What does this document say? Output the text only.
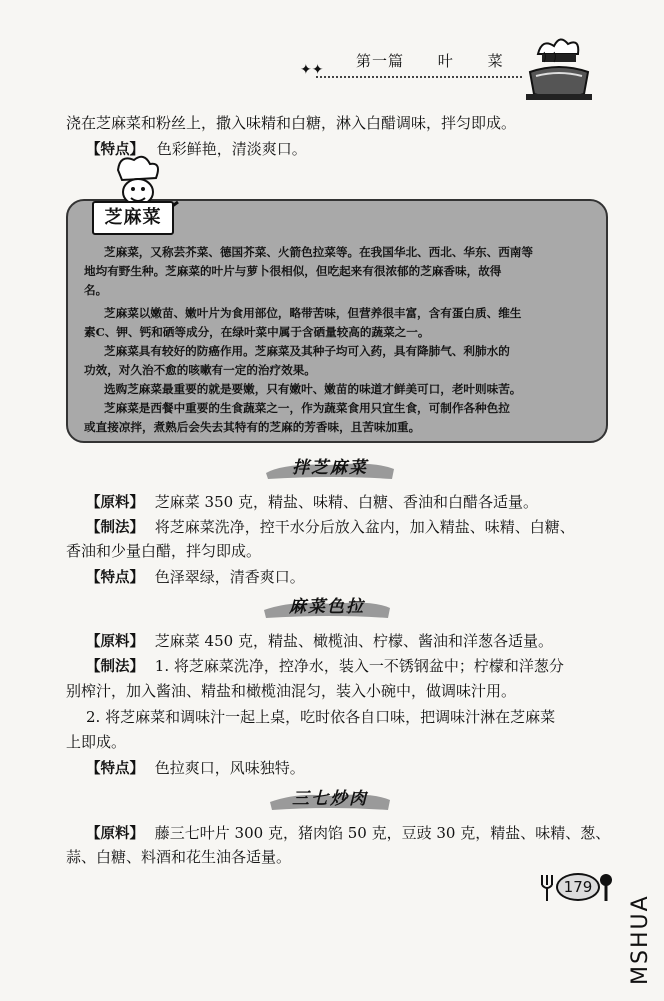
✦✦ 第一篇 叶 菜
浇在芝麻菜和粉丝上，撒入味精和白糖，淋入白醋调味，拌匀即成。
【特点】 色彩鲜艳，清淡爽口。
芝麻菜
芝麻菜，又称芸芥菜、德国芥菜、火箭色拉菜等。在我国华北、西北、华东、西南等
地均有野生种。芝麻菜的叶片与萝卜很相似，但吃起来有很浓郁的芝麻香味，故得
名。
芝麻菜以嫩苗、嫩叶片为食用部位，略带苦味，但营养很丰富，含有蛋白质、维生
素C、钾、钙和硒等成分，在绿叶菜中属于含硒量较高的蔬菜之一。
芝麻菜具有较好的防癌作用。芝麻菜及其种子均可入药，具有降肺气、利肺水的
功效，对久治不愈的咳嗽有一定的治疗效果。
选购芝麻菜最重要的就是要嫩，只有嫩叶、嫩苗的味道才鲜美可口，老叶则味苦。
芝麻菜是西餐中重要的生食蔬菜之一，作为蔬菜食用只宜生食，可制作各种色拉
或直接凉拌，煮熟后会失去其特有的芝麻的芳香味，且苦味加重。
拌芝麻菜
【原料】 芝麻菜 350 克，精盐、味精、白糖、香油和白醋各适量。
【制法】 将芝麻菜洗净，控干水分后放入盆内，加入精盐、味精、白糖、
香油和少量白醋，拌匀即成。
【特点】 色泽翠绿，清香爽口。
麻菜色拉
【原料】 芝麻菜 450 克，精盐、橄榄油、柠檬、酱油和洋葱各适量。
【制法】 1. 将芝麻菜洗净，控净水，装入一不锈钢盆中；柠檬和洋葱分
别榨汁，加入酱油、精盐和橄榄油混匀，装入小碗中，做调味汁用。
2. 将芝麻菜和调味汁一起上桌，吃时依各自口味，把调味汁淋在芝麻菜
上即成。
【特点】 色拉爽口，风味独特。
三七炒肉
【原料】 藤三七叶片 300 克，猪肉馅 50 克，豆豉 30 克，精盐、味精、葱、
蒜、白糖、料酒和花生油各适量。
179
MSHUA
